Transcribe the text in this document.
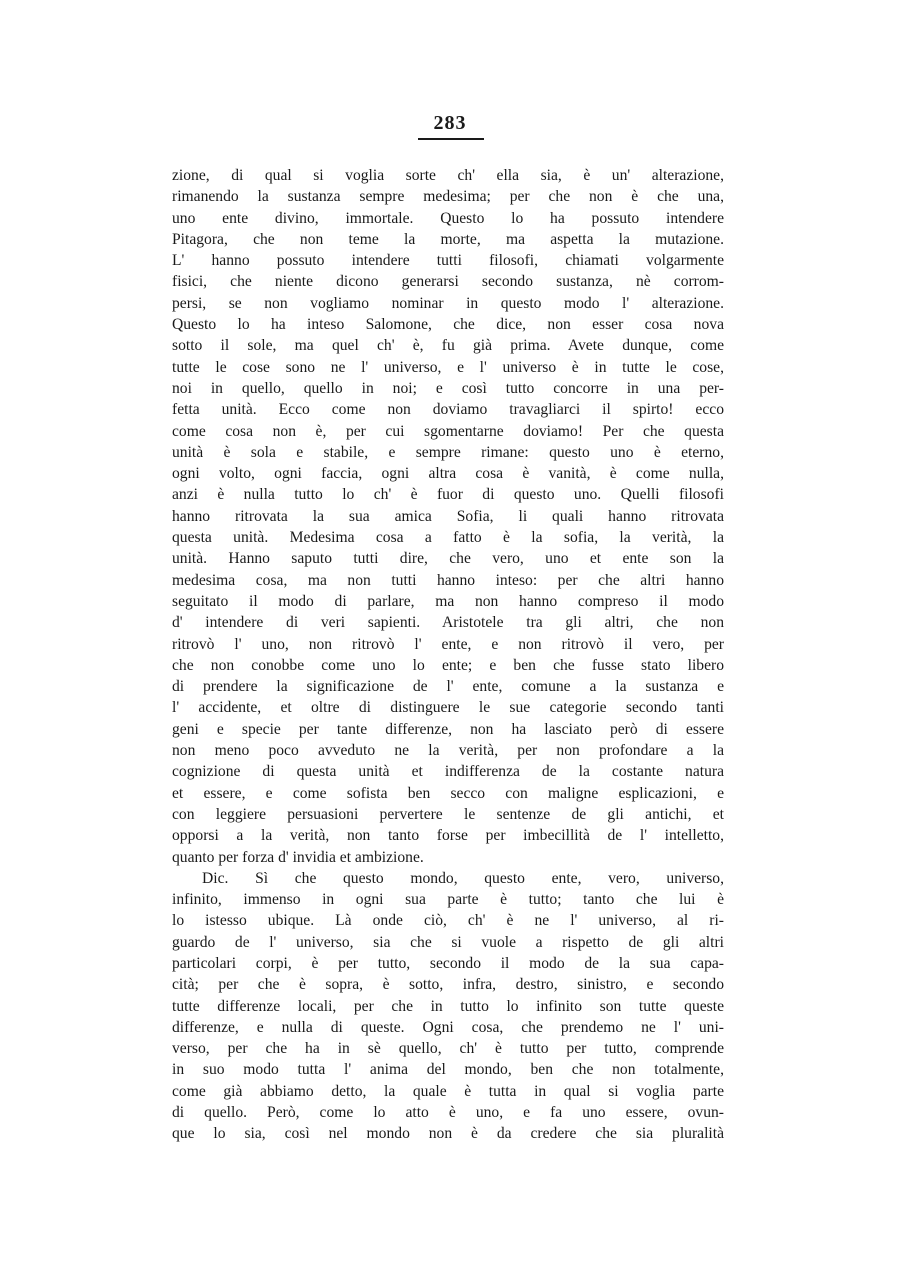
283
zione, di qual si voglia sorte ch' ella sia, è un' alterazione,
rimanendo la sustanza sempre medesima; per che non è che una,
uno ente divino, immortale. Questo lo ha possuto intendere
Pitagora, che non teme la morte, ma aspetta la mutazione.
L' hanno possuto intendere tutti filosofi, chiamati volgarmente
fisici, che niente dicono generarsi secondo sustanza, nè corrom-
persi, se non vogliamo nominar in questo modo l' alterazione.
Questo lo ha inteso Salomone, che dice, non esser cosa nova
sotto il sole, ma quel ch' è, fu già prima. Avete dunque, come
tutte le cose sono ne l' universo, e l' universo è in tutte le cose,
noi in quello, quello in noi; e così tutto concorre in una per-
fetta unità. Ecco come non doviamo travagliarci il spirto! ecco
come cosa non è, per cui sgomentarne doviamo! Per che questa
unità è sola e stabile, e sempre rimane: questo uno è eterno,
ogni volto, ogni faccia, ogni altra cosa è vanità, è come nulla,
anzi è nulla tutto lo ch' è fuor di questo uno. Quelli filosofi
hanno ritrovata la sua amica Sofia, li quali hanno ritrovata
questa unità. Medesima cosa a fatto è la sofia, la verità, la
unità. Hanno saputo tutti dire, che vero, uno et ente son la
medesima cosa, ma non tutti hanno inteso: per che altri hanno
seguitato il modo di parlare, ma non hanno compreso il modo
d' intendere di veri sapienti. Aristotele tra gli altri, che non
ritrovò l' uno, non ritrovò l' ente, e non ritrovò il vero, per
che non conobbe come uno lo ente; e ben che fusse stato libero
di prendere la significazione de l' ente, comune a la sustanza e
l' accidente, et oltre di distinguere le sue categorie secondo tanti
geni e specie per tante differenze, non ha lasciato però di essere
non meno poco avveduto ne la verità, per non profondare a la
cognizione di questa unità et indifferenza de la costante natura
et essere, e come sofista ben secco con maligne esplicazioni, e
con leggiere persuasioni pervertere le sentenze de gli antichi, et
opporsi a la verità, non tanto forse per imbecillità de l' intelletto,
quanto per forza d' invidia et ambizione.
Dic. Sì che questo mondo, questo ente, vero, universo,
infinito, immenso in ogni sua parte è tutto; tanto che lui è
lo istesso ubique. Là onde ciò, ch' è ne l' universo, al ri-
guardo de l' universo, sia che si vuole a rispetto de gli altri
particolari corpi, è per tutto, secondo il modo de la sua capa-
cità; per che è sopra, è sotto, infra, destro, sinistro, e secondo
tutte differenze locali, per che in tutto lo infinito son tutte queste
differenze, e nulla di queste. Ogni cosa, che prendemo ne l' uni-
verso, per che ha in sè quello, ch' è tutto per tutto, comprende
in suo modo tutta l' anima del mondo, ben che non totalmente,
come già abbiamo detto, la quale è tutta in qual si voglia parte
di quello. Però, come lo atto è uno, e fa uno essere, ovun-
que lo sia, così nel mondo non è da credere che sia pluralità
